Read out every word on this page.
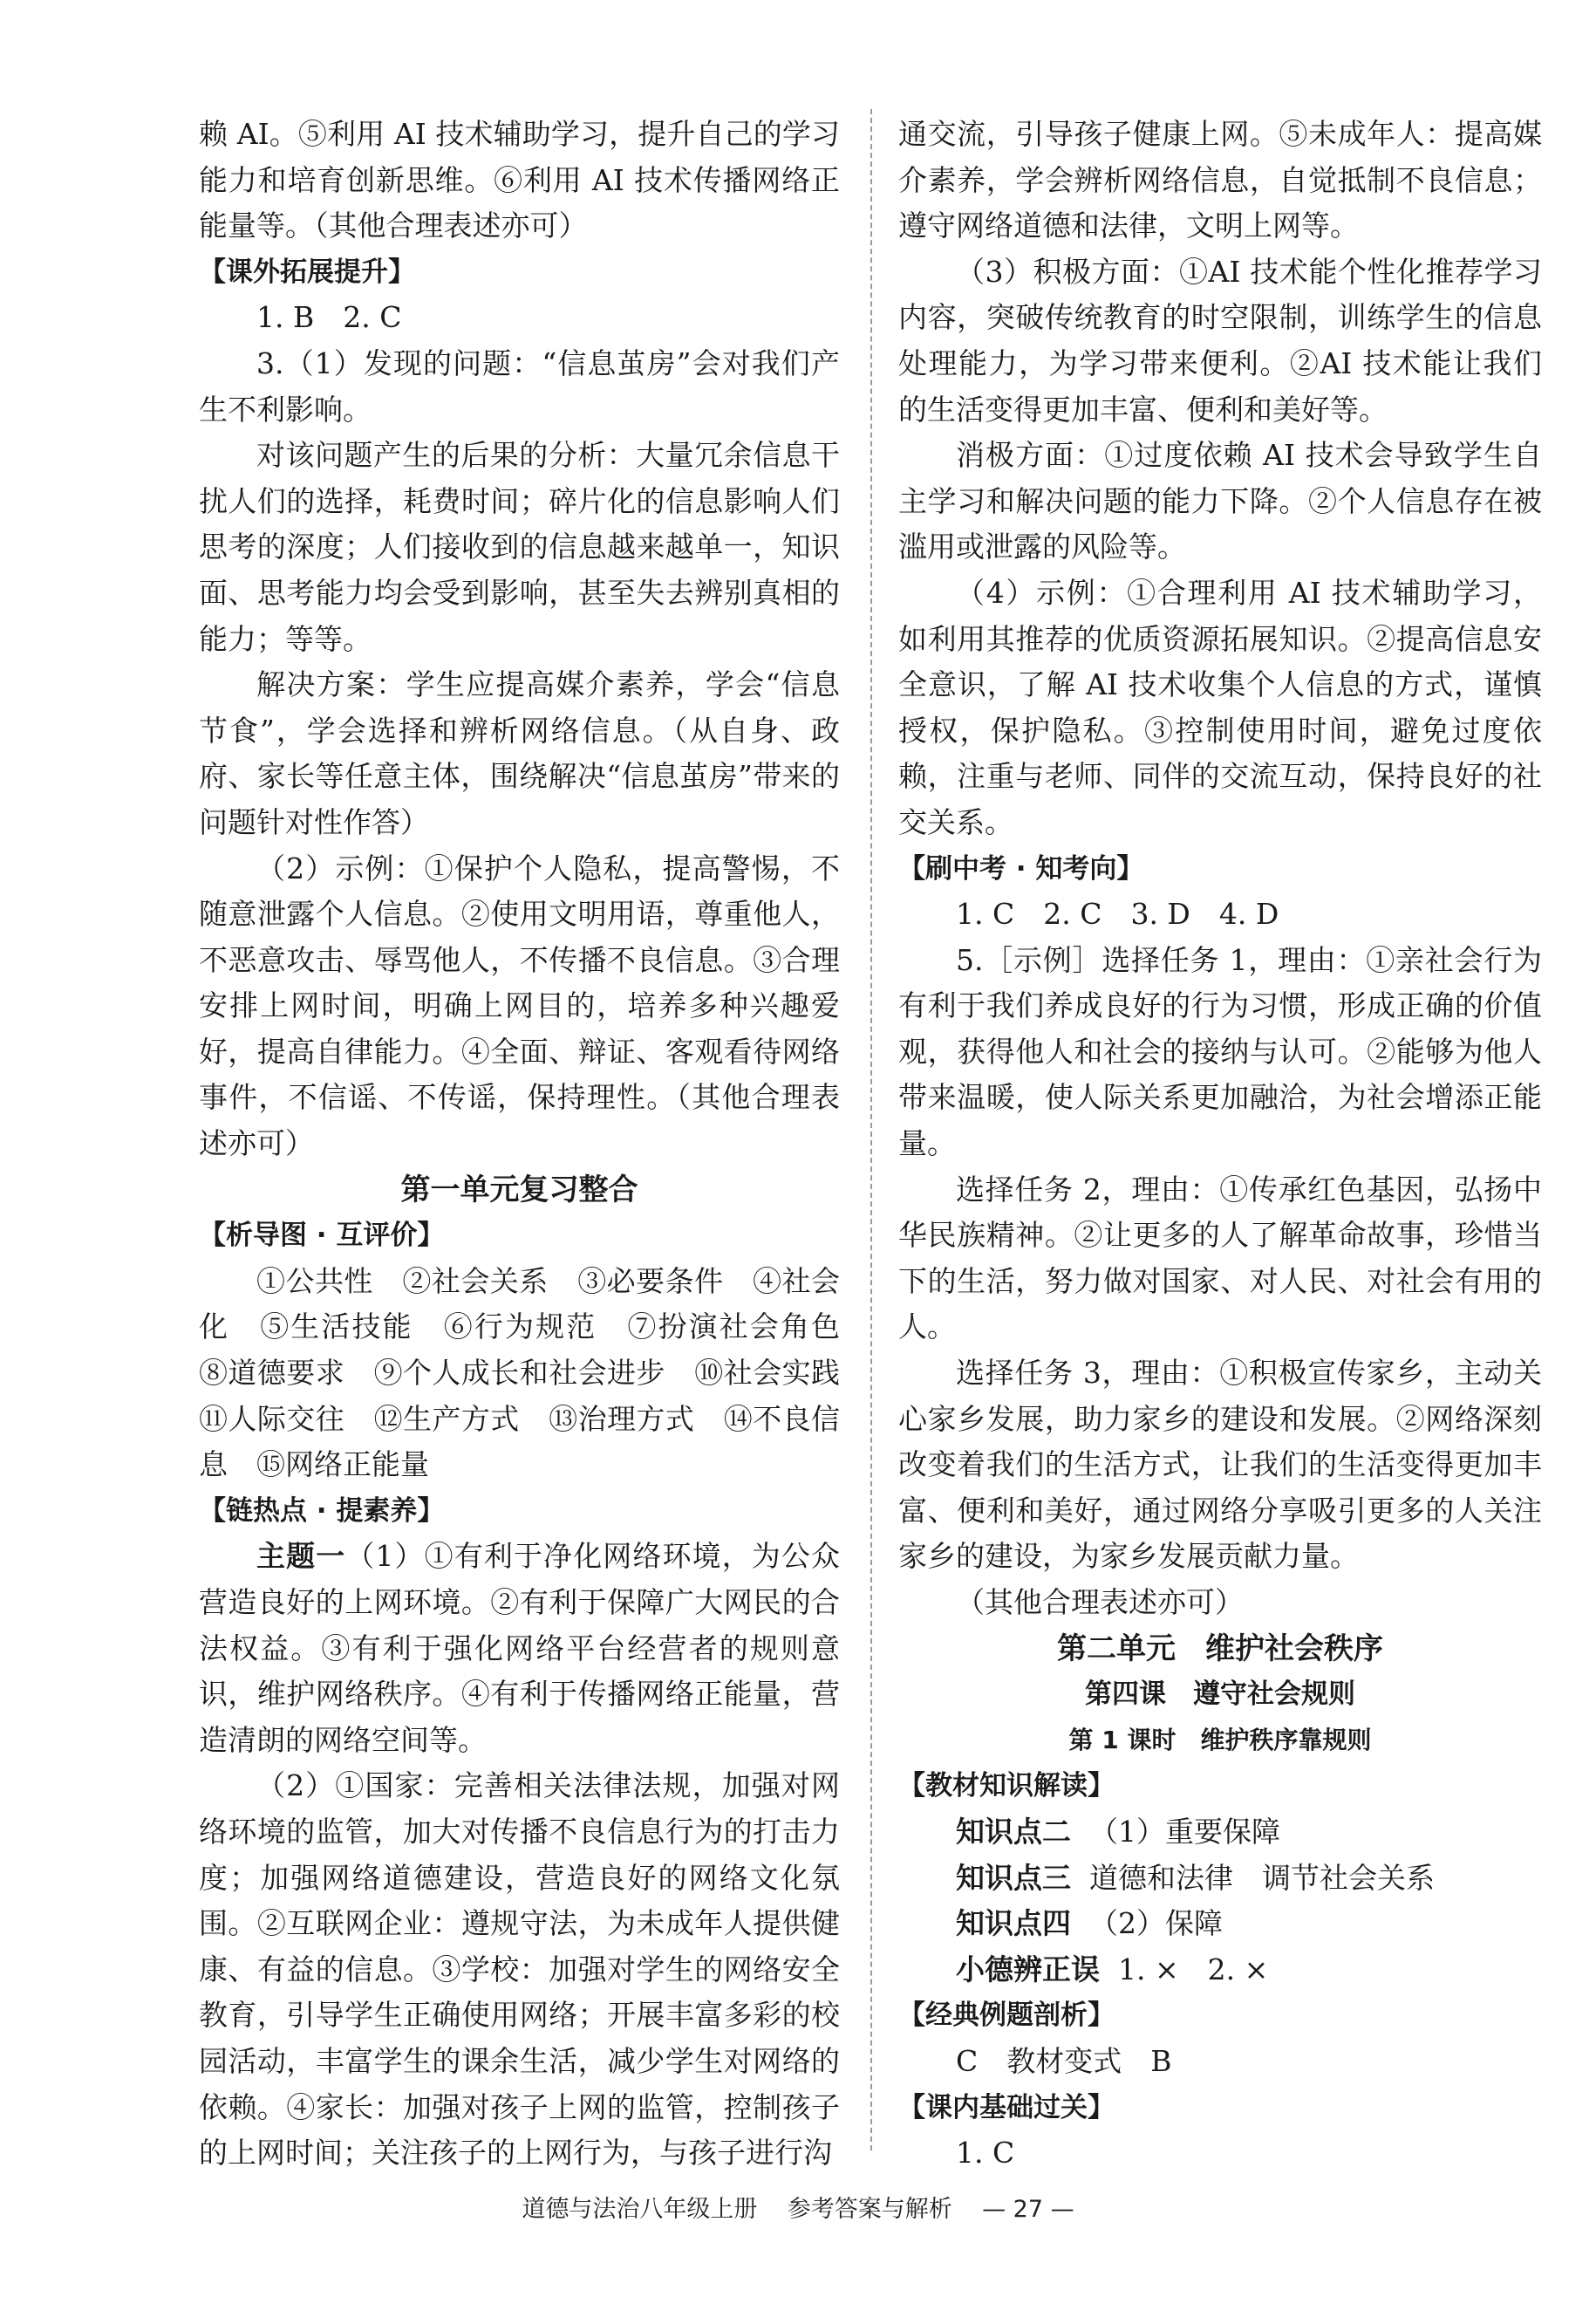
赖 AI。⑤利用 AI 技术辅助学习，提升自己的学习能力和培育创新思维。⑥利用 AI 技术传播网络正能量等。（其他合理表述亦可）

【课外拓展提升】

1. B　2. C

3.（1）发现的问题：“信息茧房”会对我们产生不利影响。

对该问题产生的后果的分析：大量冗余信息干扰人们的选择，耗费时间；碎片化的信息影响人们思考的深度；人们接收到的信息越来越单一，知识面、思考能力均会受到影响，甚至失去辨别真相的能力；等等。

解决方案：学生应提高媒介素养，学会“信息节食”，学会选择和辨析网络信息。（从自身、政府、家长等任意主体，围绕解决“信息茧房”带来的问题针对性作答）

（2）示例：①保护个人隐私，提高警惕，不随意泄露个人信息。②使用文明用语，尊重他人，不恶意攻击、辱骂他人，不传播不良信息。③合理安排上网时间，明确上网目的，培养多种兴趣爱好，提高自律能力。④全面、辩证、客观看待网络事件，不信谣、不传谣，保持理性。（其他合理表述亦可）

第一单元复习整合

【析导图 · 互评价】

①公共性　②社会关系　③必要条件　④社会化　⑤生活技能　⑥行为规范　⑦扮演社会角色　⑧道德要求　⑨个人成长和社会进步　⑩社会实践　⑪人际交往　⑫生产方式　⑬治理方式　⑭不良信息　⑮网络正能量

【链热点 · 提素养】

主题一（1）①有利于净化网络环境，为公众营造良好的上网环境。②有利于保障广大网民的合法权益。③有利于强化网络平台经营者的规则意识，维护网络秩序。④有利于传播网络正能量，营造清朗的网络空间等。

（2）①国家：完善相关法律法规，加强对网络环境的监管，加大对传播不良信息行为的打击力度；加强网络道德建设，营造良好的网络文化氛围。②互联网企业：遵规守法，为未成年人提供健康、有益的信息。③学校：加强对学生的网络安全教育，引导学生正确使用网络；开展丰富多彩的校园活动，丰富学生的课余生活，减少学生对网络的依赖。④家长：加强对孩子上网的监管，控制孩子的上网时间；关注孩子的上网行为，与孩子进行沟

通交流，引导孩子健康上网。⑤未成年人：提高媒介素养，学会辨析网络信息，自觉抵制不良信息；遵守网络道德和法律，文明上网等。

（3）积极方面：①AI 技术能个性化推荐学习内容，突破传统教育的时空限制，训练学生的信息处理能力，为学习带来便利。②AI 技术能让我们的生活变得更加丰富、便利和美好等。

消极方面：①过度依赖 AI 技术会导致学生自主学习和解决问题的能力下降。②个人信息存在被滥用或泄露的风险等。

（4）示例：①合理利用 AI 技术辅助学习，如利用其推荐的优质资源拓展知识。②提高信息安全意识，了解 AI 技术收集个人信息的方式，谨慎授权，保护隐私。③控制使用时间，避免过度依赖，注重与老师、同伴的交流互动，保持良好的社交关系。

【刷中考 · 知考向】

1. C　2. C　3. D　4. D

5.［示例］选择任务 1，理由：①亲社会行为有利于我们养成良好的行为习惯，形成正确的价值观，获得他人和社会的接纳与认可。②能够为他人带来温暖，使人际关系更加融洽，为社会增添正能量。

选择任务 2，理由：①传承红色基因，弘扬中华民族精神。②让更多的人了解革命故事，珍惜当下的生活，努力做对国家、对人民、对社会有用的人。

选择任务 3，理由：①积极宣传家乡，主动关心家乡发展，助力家乡的建设和发展。②网络深刻改变着我们的生活方式，让我们的生活变得更加丰富、便利和美好，通过网络分享吸引更多的人关注家乡的建设，为家乡发展贡献力量。

（其他合理表述亦可）

第二单元　维护社会秩序

第四课　遵守社会规则

第 1 课时　维护秩序靠规则

【教材知识解读】

知识点二 （1）重要保障

知识点三 道德和法律　调节社会关系

知识点四 （2）保障

小德辨正误 1. ×　2. ×

【经典例题剖析】

C　教材变式　B

【课内基础过关】

1. C

道德与法治八年级上册 参考答案与解析 — 27 —
